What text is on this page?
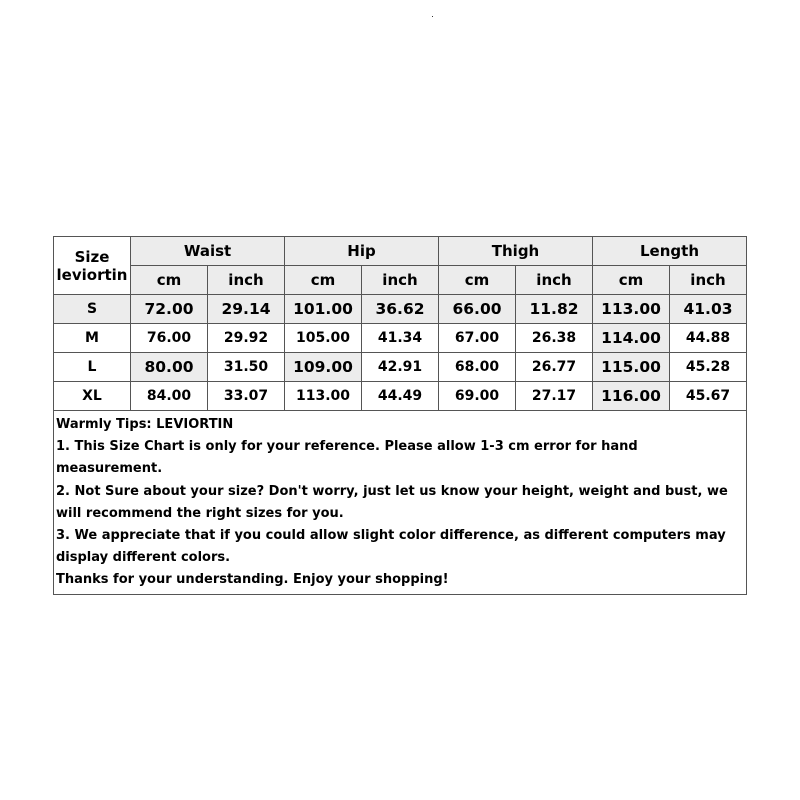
Size
leviortin	Waist		Hip		Thigh		Length	
	cm	inch	cm	inch	cm	inch	cm	inch
S	72.00	29.14	101.00	36.62	66.00	11.82	113.00	41.03
M	76.00	29.92	105.00	41.34	67.00	26.38	114.00	44.88
L	80.00	31.50	109.00	42.91	68.00	26.77	115.00	45.28
XL	84.00	33.07	113.00	44.49	69.00	27.17	116.00	45.67
Warmly Tips: LEVIORTIN
1. This Size Chart is only for your reference. Please allow 1-3 cm error for hand measurement.
2. Not Sure about your size? Don't worry, just let us know your height, weight and bust, we will recommend the right sizes for you.
3. We appreciate that if you could allow slight color difference, as different computers may display different colors.
Thanks for your understanding. Enjoy your shopping!
